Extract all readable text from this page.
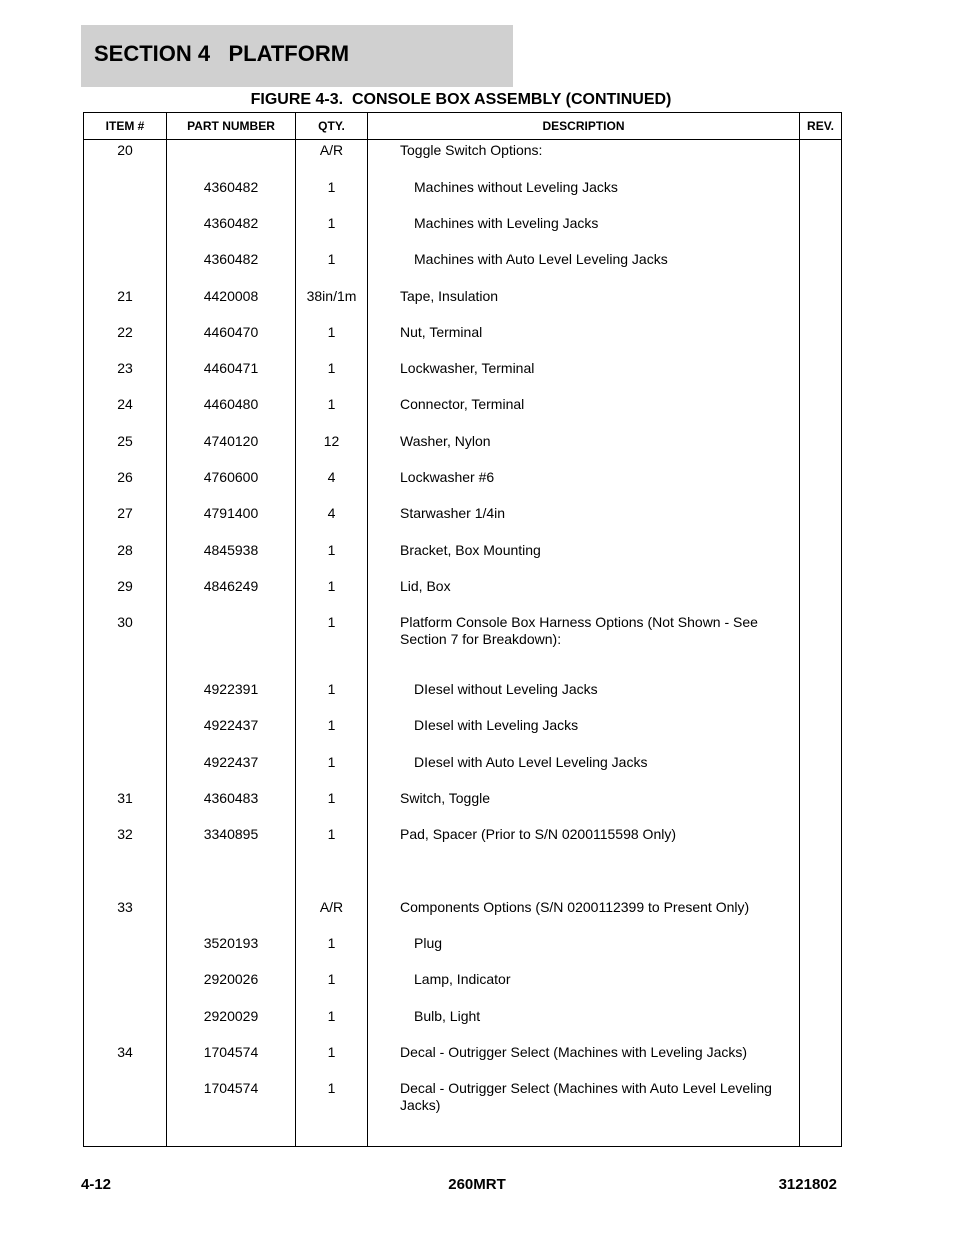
SECTION 4   PLATFORM
FIGURE 4-3.  CONSOLE BOX ASSEMBLY (CONTINUED)
ITEM #	PART NUMBER	QTY.	DESCRIPTION	REV.
20		A/R	Toggle Switch Options:	
	4360482	1	Machines without Leveling Jacks	
	4360482	1	Machines with Leveling Jacks	
	4360482	1	Machines with Auto Level Leveling Jacks	
21	4420008	38in/1m	Tape, Insulation	
22	4460470	1	Nut, Terminal	
23	4460471	1	Lockwasher, Terminal	
24	4460480	1	Connector, Terminal	
25	4740120	12	Washer, Nylon	
26	4760600	4	Lockwasher #6	
27	4791400	4	Starwasher 1/4in	
28	4845938	1	Bracket, Box Mounting	
29	4846249	1	Lid, Box	
30		1	Platform Console Box Harness Options (Not Shown - See Section 7 for Breakdown):	
	4922391	1	DIesel without Leveling Jacks	
	4922437	1	DIesel with Leveling Jacks	
	4922437	1	DIesel with Auto Level Leveling Jacks	
31	4360483	1	Switch, Toggle	
32	3340895	1	Pad, Spacer (Prior to S/N 0200115598 Only)	

33		A/R	Components Options (S/N 0200112399 to Present Only)	
	3520193	1	Plug	
	2920026	1	Lamp, Indicator	
	2920029	1	Bulb, Light	
34	1704574	1	Decal - Outrigger Select (Machines with Leveling Jacks)	
	1704574	1	Decal - Outrigger Select (Machines with Auto Level Leveling Jacks)	

4-12	260MRT	3121802
